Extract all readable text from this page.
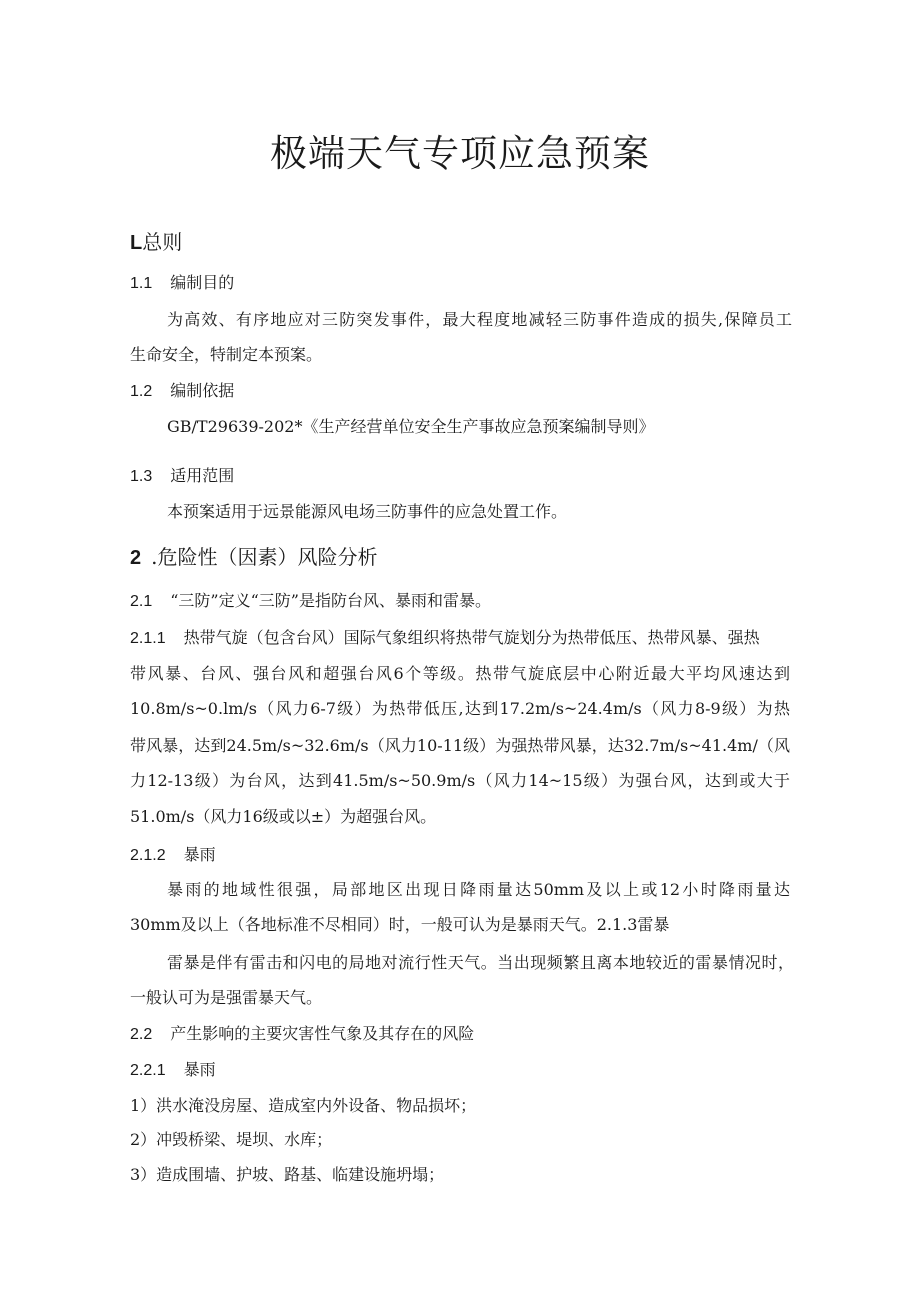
极端天气专项应急预案
L总则
1.1 编制目的
为高效、有序地应对三防突发事件，最大程度地减轻三防事件造成的损失,保障员工
生命安全，特制定本预案。
1.2 编制依据
GB/T29639-202*《生产经营单位安全生产事故应急预案编制导则》
1.3 适用范围
本预案适用于远景能源风电场三防事件的应急处置工作。
2 .危险性（因素）风险分析
2.1 “三防”定义“三防”是指防台风、暴雨和雷暴。
2.1.1 热带气旋（包含台风）国际气象组织将热带气旋划分为热带低压、热带风暴、强热
带风暴、台风、强台风和超强台风6个等级。热带气旋底层中心附近最大平均风速达到
10.8m/s~0.lm/s（风力6-7级）为热带低压,达到17.2m/s~24.4m/s（风力8-9级）为热
带风暴，达到24.5m/s~32.6m/s（风力10-11级）为强热带风暴，达32.7m/s~41.4m/（风
力12-13级）为台风，达到41.5m/s~50.9m/s（风力14~15级）为强台风，达到或大于
51.0m/s（风力16级或以±）为超强台风。
2.1.2 暴雨
暴雨的地域性很强，局部地区出现日降雨量达50mm及以上或12小时降雨量达
30mm及以上（各地标准不尽相同）时，一般可认为是暴雨天气。2.1.3雷暴
雷暴是伴有雷击和闪电的局地对流行性天气。当出现频繁且离本地较近的雷暴情况时，
一般认可为是强雷暴天气。
2.2 产生影响的主要灾害性气象及其存在的风险
2.2.1 暴雨
1）洪水淹没房屋、造成室内外设备、物品损坏；
2）冲毁桥梁、堤坝、水库；
3）造成围墙、护坡、路基、临建设施坍塌；
